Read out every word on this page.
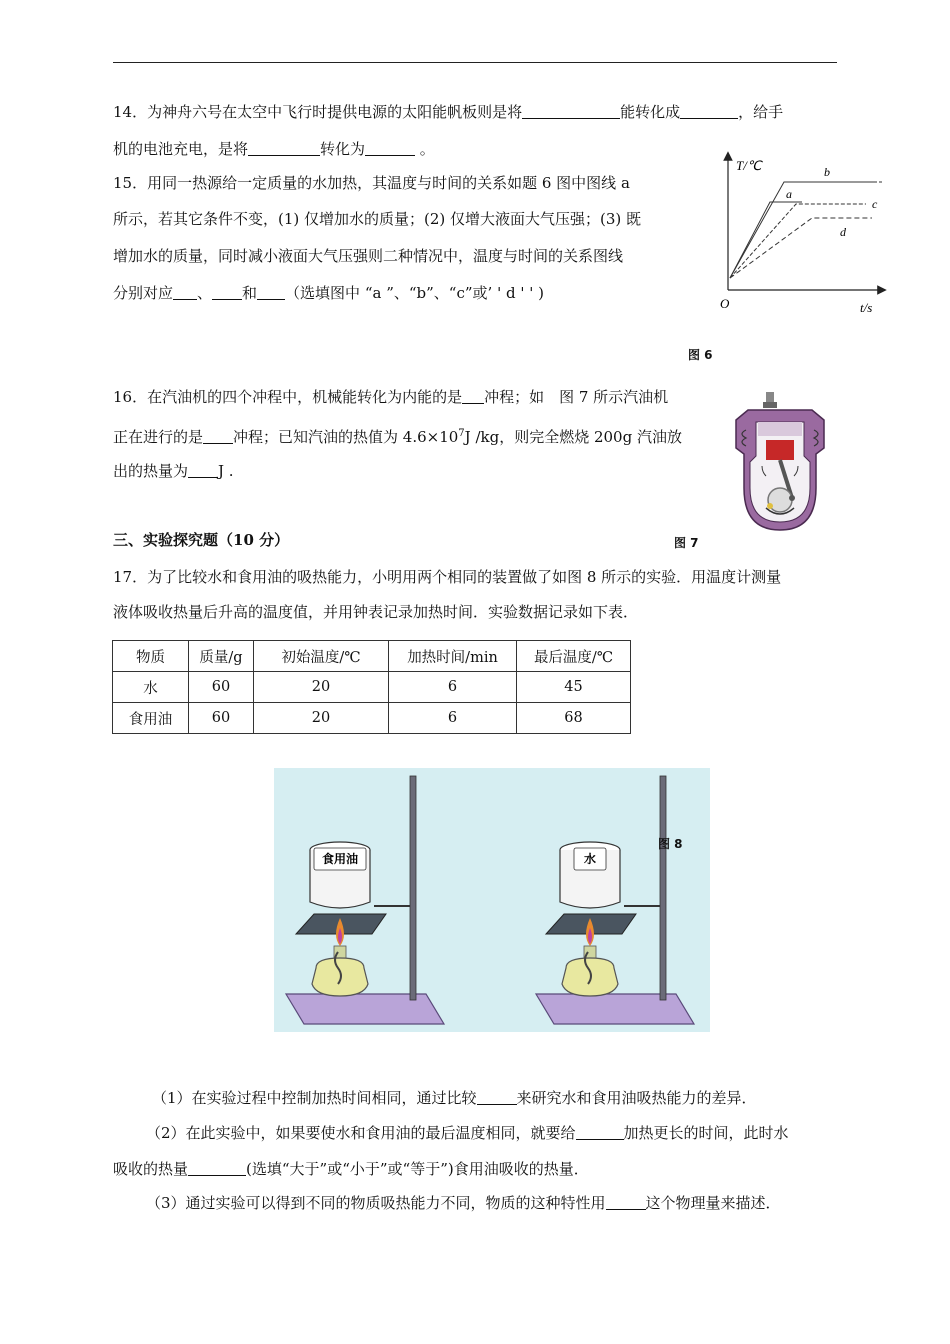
14．为神舟六号在太空中飞行时提供电源的太阳能帆板则是将	能转化成	，给手
机的电池充电，是将	转化为	。
15．用同一热源给一定质量的水加热，其温度与时间的关系如题 6 图中图线 a
所示，若其它条件不变，(1) 仅增加水的质量；(2) 仅增大液面大气压强；(3) 既
增加水的质量，同时减小液面大气压强则二种情况中，温度与时间的关系图线
分别对应 、 和 （选填图中 “a ”、“b”、“c”或’ ' d ' ' )
T/℃
t/s
O
b
a
c
d
图 6
16．在汽油机的四个冲程中，机械能转化为内能的是 冲程；如　图 7 所示汽油机
正在进行的是 冲程；已知汽油的热值为 $4.6\times 10^7J$ /kg，则完全燃烧 200g 汽油放
出的热量为 J .
图 7
三、实验探究题（10 分）
17．为了比较水和食用油的吸热能力，小明用两个相同的装置做了如图 8 所示的实验．用温度计测量
液体吸收热量后升高的温度值，并用钟表记录加热时间．实验数据记录如下表．
物质	质量/g	初始温度/℃	加热时间/min	最后温度/℃
水	60	20	6	45
食用油	60	20	6	68
食用油	水
图 8
（1）在实验过程中控制加热时间相同，通过比较	来研究水和食用油吸热能力的差异．
（2）在此实验中，如果要使水和食用油的最后温度相同，就要给	加热更长的时间，此时水
吸收的热量	(选填“大于”或“小于”或“等于”)食用油吸收的热量．
（3）通过实验可以得到不同的物质吸热能力不同，物质的这种特性用	这个物理量来描述．
